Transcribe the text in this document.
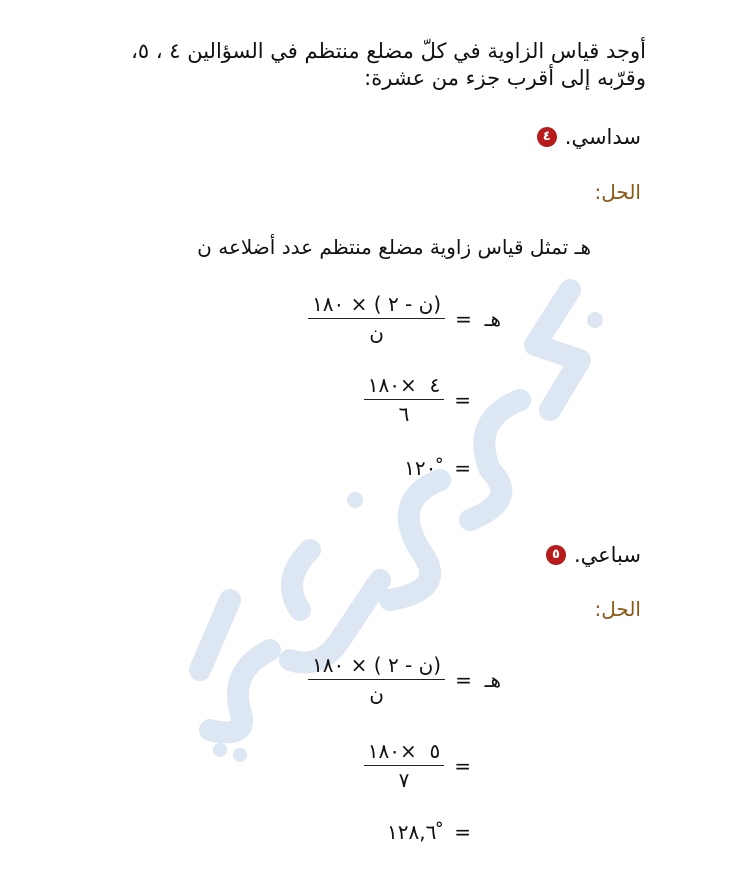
أوجد قياس الزاوية في كلّ مضلع منتظم في السؤالين ٤ ، ٥،
وقرّبه إلى أقرب جزء من عشرة:
٤ سداسي.
الحل:
هـ تمثل قياس زاوية مضلع منتظم عدد أضلاعه ن
هـ  =
$\frac{\text{(ن - ٢ ) × ١٨٠}}{\text{ن}}$
=
$\frac{٤ \times ١٨٠}{٦}$
=
١٢٠ ْ
٥ سباعي.
الحل:
هـ  =
$\frac{\text{(ن - ٢ ) × ١٨٠}}{\text{ن}}$
=
$\frac{٥ \times ١٨٠}{٧}$
=
١٢٨,٦ ْ
